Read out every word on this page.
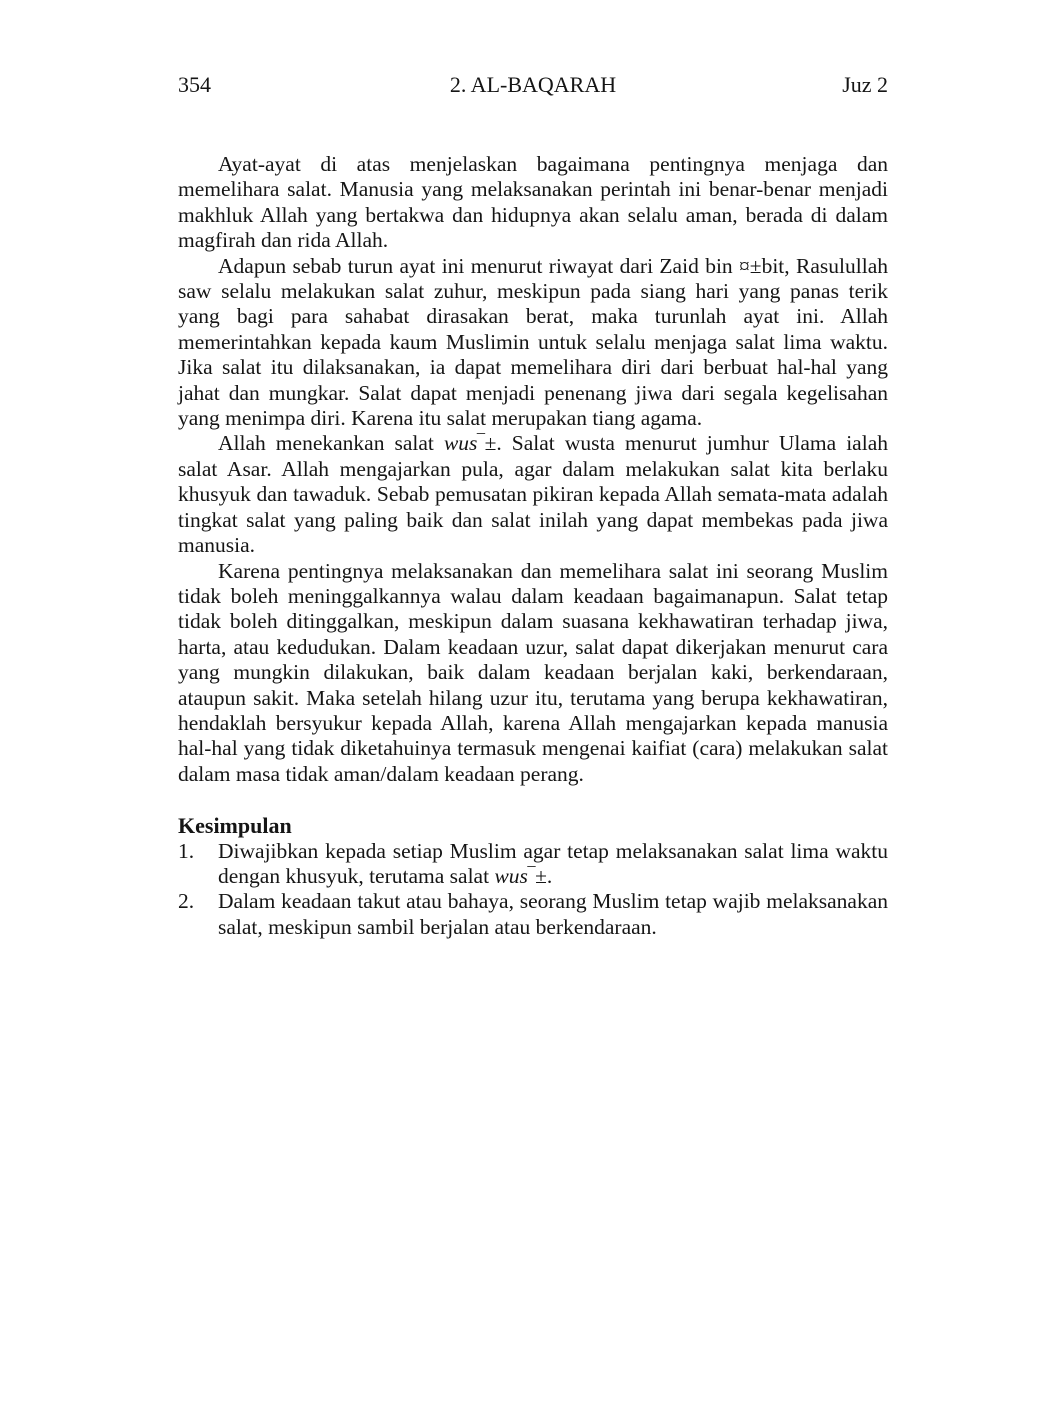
354	2. AL-BAQARAH	Juz 2

Ayat-ayat di atas menjelaskan bagaimana pentingnya menjaga dan memelihara salat. Manusia yang melaksanakan perintah ini benar-benar menjadi makhluk Allah yang bertakwa dan hidupnya akan selalu aman, berada di dalam magfirah dan rida Allah.

Adapun sebab turun ayat ini menurut riwayat dari Zaid bin ¤±bit, Rasulullah saw selalu melakukan salat zuhur, meskipun pada siang hari yang panas terik yang bagi para sahabat dirasakan berat, maka turunlah ayat ini. Allah memerintahkan kepada kaum Muslimin untuk selalu menjaga salat lima waktu. Jika salat itu dilaksanakan, ia dapat memelihara diri dari berbuat hal-hal yang jahat dan mungkar. Salat dapat menjadi penenang jiwa dari segala kegelisahan yang menimpa diri. Karena itu salat merupakan tiang agama.

Allah menekankan salat wus‾±. Salat wusta menurut jumhur Ulama ialah salat Asar. Allah mengajarkan pula, agar dalam melakukan salat kita berlaku khusyuk dan tawaduk. Sebab pemusatan pikiran kepada Allah semata-mata adalah tingkat salat yang paling baik dan salat inilah yang dapat membekas pada jiwa manusia.

Karena pentingnya melaksanakan dan memelihara salat ini seorang Muslim tidak boleh meninggalkannya walau dalam keadaan bagaimanapun. Salat tetap tidak boleh ditinggalkan, meskipun dalam suasana kekhawatiran terhadap jiwa, harta, atau kedudukan. Dalam keadaan uzur, salat dapat dikerjakan menurut cara yang mungkin dilakukan, baik dalam keadaan berjalan kaki, berkendaraan, ataupun sakit. Maka setelah hilang uzur itu, terutama yang berupa kekhawatiran, hendaklah bersyukur kepada Allah, karena Allah mengajarkan kepada manusia hal-hal yang tidak diketahuinya termasuk mengenai kaifiat (cara) melakukan salat dalam masa tidak aman/dalam keadaan perang.

Kesimpulan
1.	Diwajibkan kepada setiap Muslim agar tetap melaksanakan salat lima waktu dengan khusyuk, terutama salat wus‾±.
2.	Dalam keadaan takut atau bahaya, seorang Muslim tetap wajib melaksanakan salat, meskipun sambil berjalan atau berkendaraan.
